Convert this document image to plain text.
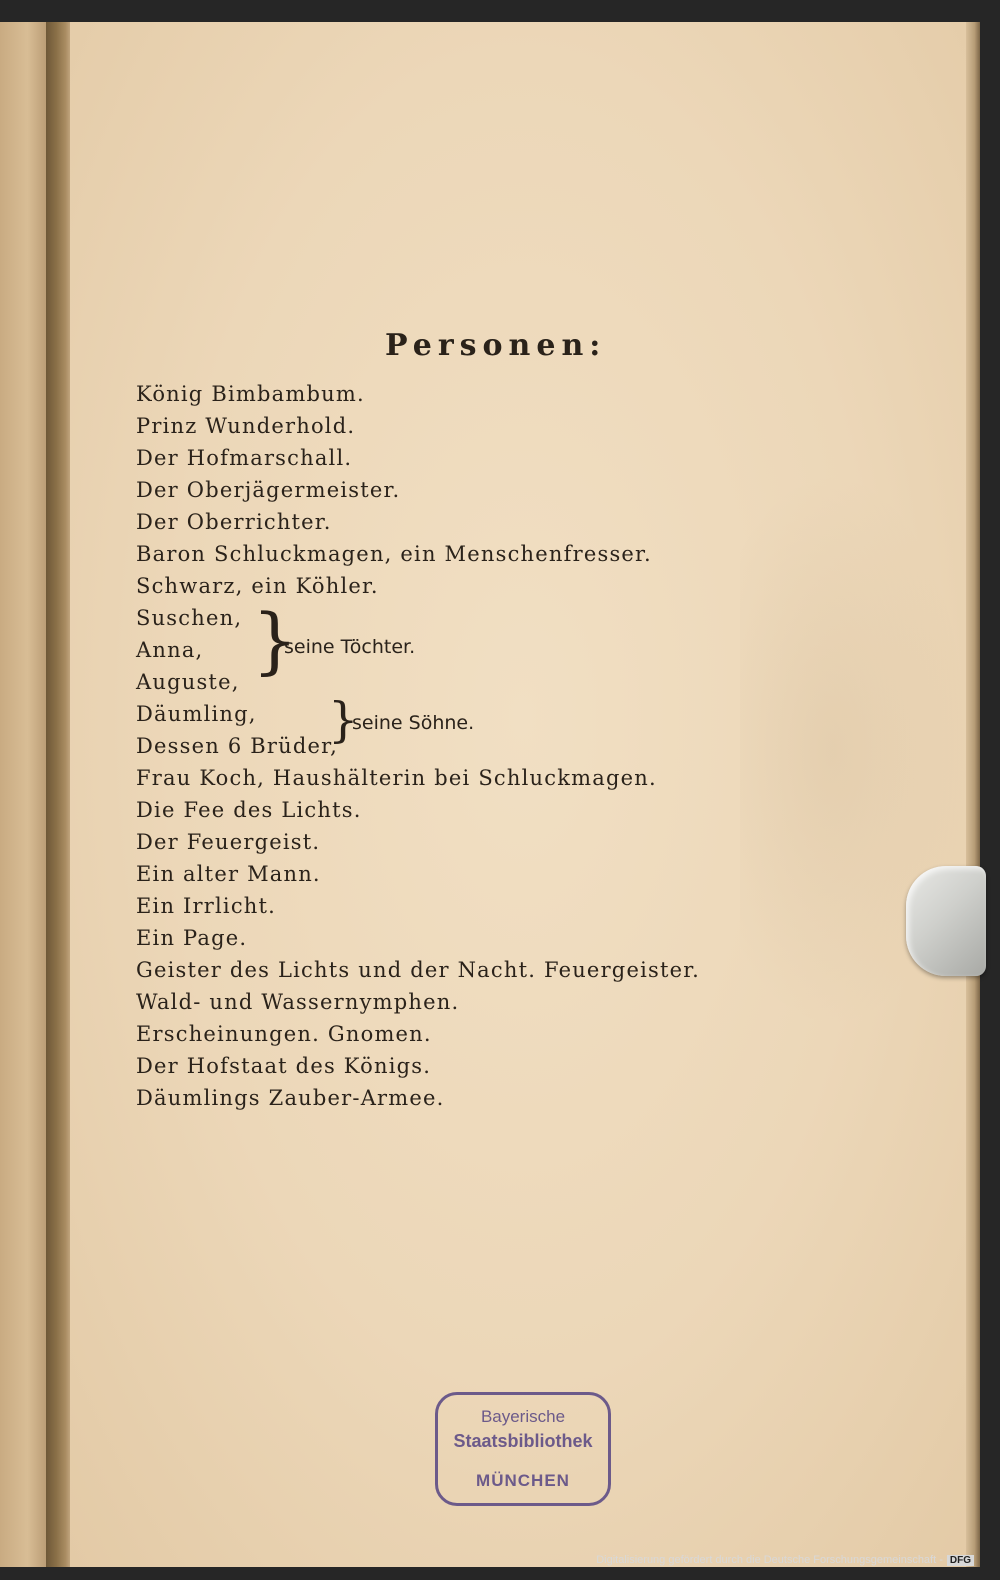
Personen:
König Bimbambum.
Prinz Wunderhold.
Der Hofmarschall.
Der Oberjägermeister.
Der Oberrichter.
Baron Schluckmagen, ein Menschenfresser.
Schwarz, ein Köhler.
Suschen,
Anna,
Auguste, }
seine Töchter.
Däumling,
Dessen 6 Brüder,
}
seine Söhne.
Frau Koch, Haushälterin bei Schluckmagen.
Die Fee des Lichts.
Der Feuergeist.
Ein alter Mann.
Ein Irrlicht.
Ein Page.
Geister des Lichts und der Nacht. Feuergeister.
Wald- und Wassernymphen.
Erscheinungen. Gnomen.
Der Hofstaat des Königs.
Däumlings Zauber-Armee.
Bayerische
Staatsbibliothek
MÜNCHEN
Digitalisierung gefördert durch die Deutsche Forschungsgemeinschaft - DFG
